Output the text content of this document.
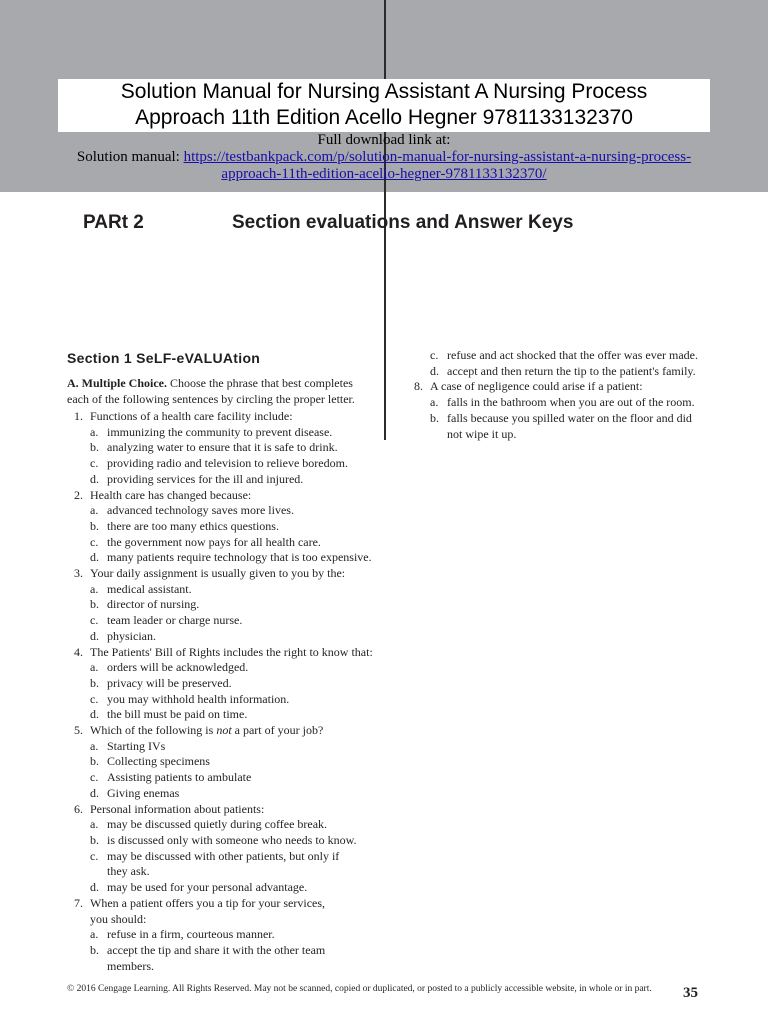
Solution Manual for Nursing Assistant A Nursing Process
Approach 11th Edition Acello Hegner 9781133132370
Full download link at:
Solution manual: https://testbankpack.com/p/solution-manual-for-nursing-assistant-a-nursing-process-
approach-11th-edition-acello-hegner-9781133132370/
PARt 2	Section evaluations and Answer Keys
Section 1 SeLF-eVALUAtion
A. Multiple Choice. Choose the phrase that best completes each of the following sentences by circling the proper letter.
1. Functions of a health care facility include:
a. immunizing the community to prevent disease.
b. analyzing water to ensure that it is safe to drink.
c. providing radio and television to relieve boredom.
d. providing services for the ill and injured.
2. Health care has changed because:
a. advanced technology saves more lives.
b. there are too many ethics questions.
c. the government now pays for all health care.
d. many patients require technology that is too expensive.
3. Your daily assignment is usually given to you by the:
a. medical assistant.
b. director of nursing.
c. team leader or charge nurse.
d. physician.
4. The Patients' Bill of Rights includes the right to know that:
a. orders will be acknowledged.
b. privacy will be preserved.
c. you may withhold health information.
d. the bill must be paid on time.
5. Which of the following is not a part of your job?
a. Starting IVs
b. Collecting specimens
c. Assisting patients to ambulate
d. Giving enemas
6. Personal information about patients:
a. may be discussed quietly during coffee break.
b. is discussed only with someone who needs to know.
c. may be discussed with other patients, but only if
they ask.
d. may be used for your personal advantage.
7. When a patient offers you a tip for your services,
you should:
a. refuse in a firm, courteous manner.
b. accept the tip and share it with the other team
members.
c. refuse and act shocked that the offer was ever made.
d. accept and then return the tip to the patient's family.
8. A case of negligence could arise if a patient:
a. falls in the bathroom when you are out of the room.
b. falls because you spilled water on the floor and did
not wipe it up.
© 2016 Cengage Learning. All Rights Reserved. May not be scanned, copied or duplicated, or posted to a publicly accessible website, in whole or in part. 35
